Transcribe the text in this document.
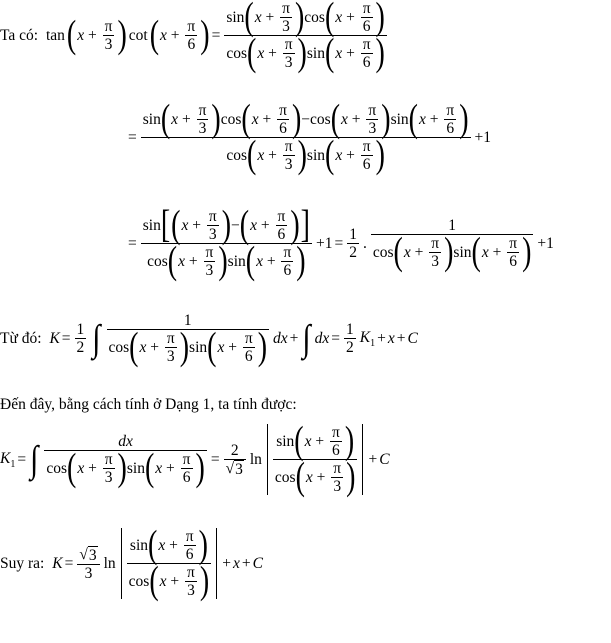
Ta có:
tan ( $x + \frac{\pi}{3}$
) cot ( $x + \frac{\pi}{6}$
) = sin ( $x + \frac{\pi}{3}$
) cos ( $x + \frac{\pi}{6}$
)
cos ( $x + \frac{\pi}{3}$
) sin ( $x + \frac{\pi}{6}$
)
=
sin ( $x + \frac{\pi}{3}$
) cos ( $x + \frac{\pi}{6}$
) − cos ( $x + \frac{\pi}{3}$
) sin ( $x + \frac{\pi}{6}$
)
cos ( $x + \frac{\pi}{3}$
) sin ( $x + \frac{\pi}{6}$
)
+1
= sin ( [ $x + \frac{\pi}{3}$
) − ( $x + \frac{\pi}{6}$
)
]
cos ( $x + \frac{\pi}{3}$
) sin ( $x + \frac{\pi}{6}$
) $+1 = \frac{1}{2}$ . 1
cos ( $x + \frac{\pi}{3}$
) sin ( $x + \frac{\pi}{6}$
) +1
Từ đó:
$K = \frac{1}{2}$ ∫ 1
cos ( $x + \frac{\pi}{3}$
) sin ( $x + \frac{\pi}{6}$
) dx + ∫ dx = $\frac{1}{2} K_1 + x + C$
Đến đây, bằng cách tính ở Dạng 1, ta tính được:
$K_1$ = ∫ dx
cos ( $x + \frac{\pi}{3}$
) sin ( $x + \frac{\pi}{6}$
) = $\frac{2}{√ 3}$ ln sin ( $x + \frac{\pi}{6}$
)
cos ( $x + \frac{\pi}{3}$
) + C
Suy ra:
$K = \frac{√ 3}{3}$ ln sin ( $x + \frac{\pi}{6}$
)
cos ( $x + \frac{\pi}{3}$
) + x + C
